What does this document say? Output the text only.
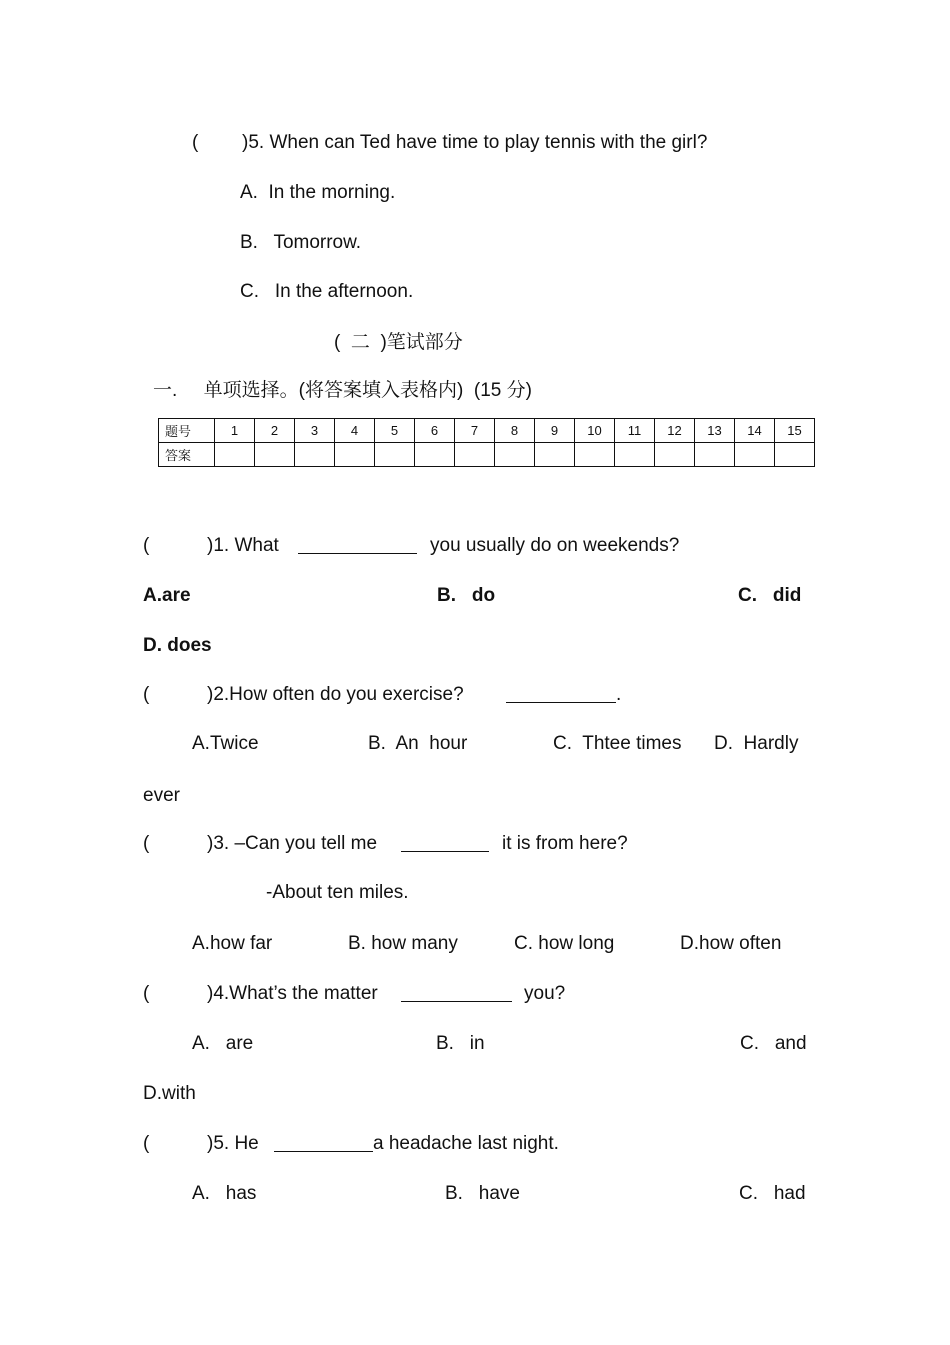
( )5. When can Ted have time to play tennis with the girl?
A.  In the morning.
B.   Tomorrow.
C.   In the afternoon.
(  二  )笔试部分
一.     单项选择。(将答案填入表格内)  (15 分)
题号	1	2	3	4	5	6	7	8	9	10	11	12	13	14	15
答案															
(	)1. What	you usually do on weekends?
A.are	B.   do	C.   did
D. does
(	)2.How often do you exercise?	.
A.Twice	B.  An  hour	C.  Thtee times D.  Hardly
ever
(	)3. –Can you tell me	it is from here?
-About ten miles.
A.how far	B. how many	C. how long	D.how often
(	)4.What’s the matter	you?
A.   are	B.   in	C.   and
D.with
(	)5. He	a headache last night.
A.   has	B.   have	C.   had
